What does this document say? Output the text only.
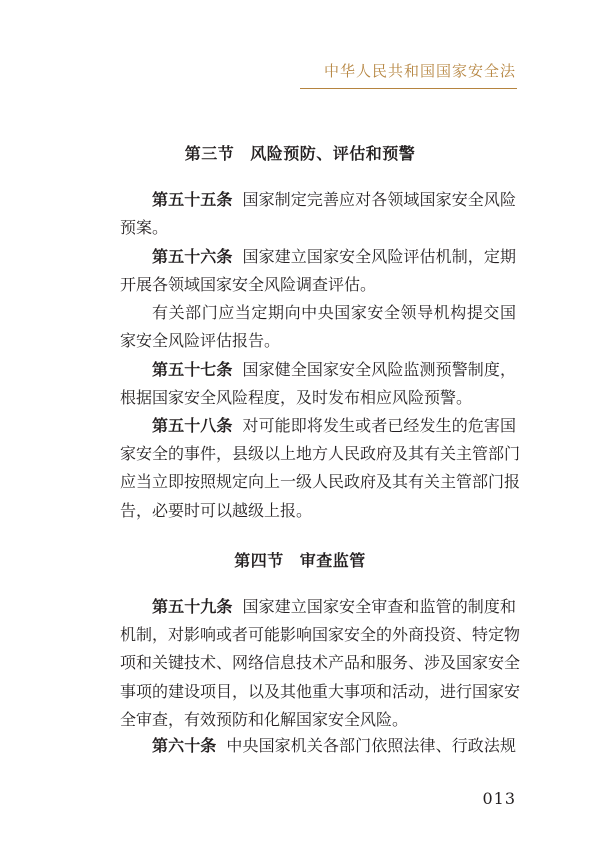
中华人民共和国国家安全法
第三节 风险预防、评估和预警
第五十五条 国家制定完善应对各领域国家安全风险
预案。
第五十六条 国家建立国家安全风险评估机制，定期
开展各领域国家安全风险调查评估。
有关部门应当定期向中央国家安全领导机构提交国
家安全风险评估报告。
第五十七条 国家健全国家安全风险监测预警制度，
根据国家安全风险程度，及时发布相应风险预警。
第五十八条 对可能即将发生或者已经发生的危害国
家安全的事件，县级以上地方人民政府及其有关主管部门
应当立即按照规定向上一级人民政府及其有关主管部门报
告，必要时可以越级上报。
第四节 审查监管
第五十九条 国家建立国家安全审查和监管的制度和
机制，对影响或者可能影响国家安全的外商投资、特定物
项和关键技术、网络信息技术产品和服务、涉及国家安全
事项的建设项目，以及其他重大事项和活动，进行国家安
全审查，有效预防和化解国家安全风险。
第六十条 中央国家机关各部门依照法律、行政法规
013
